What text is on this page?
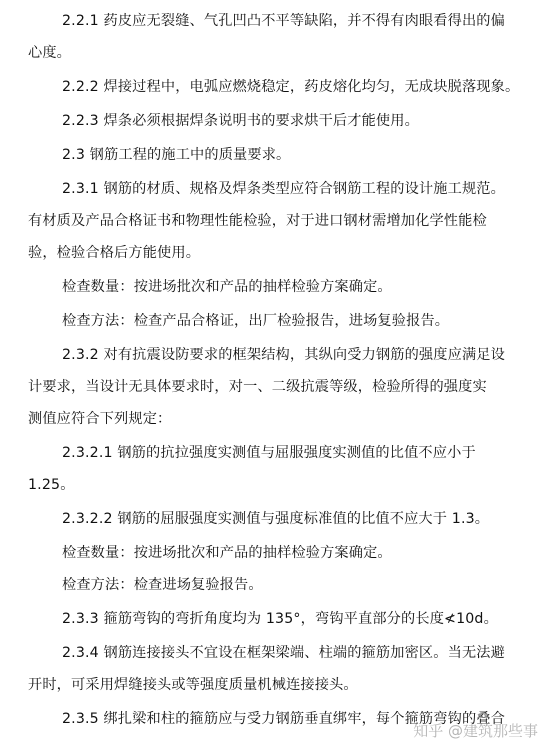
2.2.1 药皮应无裂缝、气孔凹凸不平等缺陷，并不得有肉眼看得出的偏
心度。
2.2.2 焊接过程中，电弧应燃烧稳定，药皮熔化均匀，无成块脱落现象。
2.2.3 焊条必须根据焊条说明书的要求烘干后才能使用。
2.3 钢筋工程的施工中的质量要求。
2.3.1 钢筋的材质、规格及焊条类型应符合钢筋工程的设计施工规范。
有材质及产品合格证书和物理性能检验，对于进口钢材需增加化学性能检
验，检验合格后方能使用。
检查数量：按进场批次和产品的抽样检验方案确定。
检查方法：检查产品合格证，出厂检验报告，进场复验报告。
2.3.2 对有抗震设防要求的框架结构，其纵向受力钢筋的强度应满足设
计要求，当设计无具体要求时，对一、二级抗震等级，检验所得的强度实
测值应符合下列规定：
2.3.2.1 钢筋的抗拉强度实测值与屈服强度实测值的比值不应小于
1.25。
2.3.2.2 钢筋的屈服强度实测值与强度标准值的比值不应大于 1.3。
检查数量：按进场批次和产品的抽样检验方案确定。
检查方法：检查进场复验报告。
2.3.3 箍筋弯钩的弯折角度均为 135°，弯钩平直部分的长度≮10d。
2.3.4 钢筋连接接头不宜设在框架梁端、柱端的箍筋加密区。当无法避
开时，可采用焊缝接头或等强度质量机械连接接头。
2.3.5 绑扎梁和柱的箍筋应与受力钢筋垂直绑牢，每个箍筋弯钩的叠合
知乎 @建筑那些事
